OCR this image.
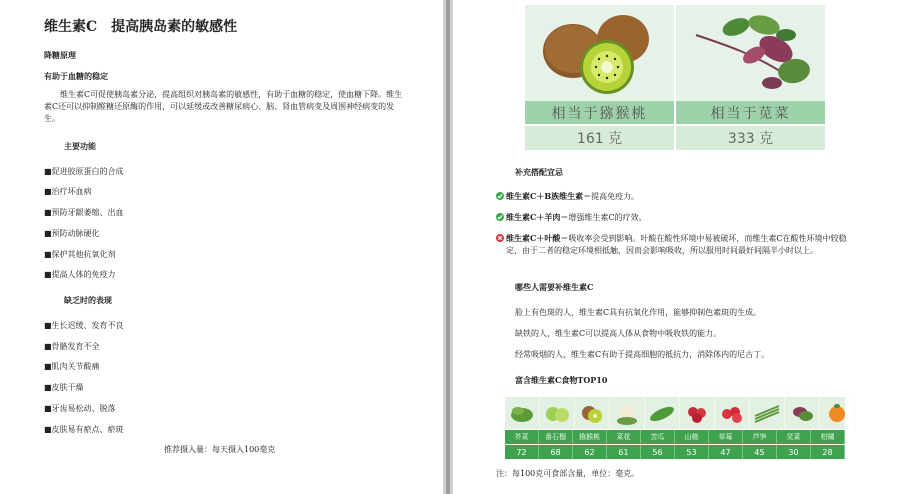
维生素C　提高胰岛素的敏感性
降糖原理
有助于血糖的稳定
维生素C可促使胰岛素分泌，提高组织对胰岛素的敏感性，有助于血糖的稳定，使血糖下降。维生素C还可以抑制醛糖还原酶的作用，可以延缓或改善糖尿病心、脑、肾血管病变及周围神经病变的发生。
主要功能
■促进胶原蛋白的合成
■治疗坏血病
■预防牙龈萎缩、出血
■预防动脉硬化
■保护其他抗氧化剂
■提高人体的免疫力
缺乏时的表现
■生长迟缓、发育不良
■骨骼发育不全
■肌肉关节酸痛
■皮肤干燥
■牙齿易松动、脱落
■皮肤易有瘀点、瘀斑
推荐摄入量：每天摄入100毫克
相当于猕猴桃
161 克
相当于苋菜
333 克
补充搭配宜忌
维生素C＋B族维生素＝提高免疫力。
维生素C＋羊肉＝增强维生素C的疗效。
维生素C＋叶酸＝吸收率会受到影响。叶酸在酸性环境中易被破坏，而维生素C在酸性环境中较稳定，由于二者的稳定环境相抵触，因而会影响吸收，所以服用时间最好间隔半小时以上。
哪些人需要补维生素C
脸上有色斑的人，维生素C具有抗氧化作用，能够抑制色素斑的生成。
缺铁的人，维生素C可以提高人体从食物中吸收铁的能力。
经常吸烟的人，维生素C有助于提高细胞的抵抗力，消除体内的尼古丁。
富含维生素C食物TOP10
芥菜	番石榴	猕猴桃	菜花	苦瓜	山楂	草莓	芦笋	苋菜	柑橘
72	68	62	61	56	53	47	45	30	28
注：每100克可食部含量，单位：毫克。
